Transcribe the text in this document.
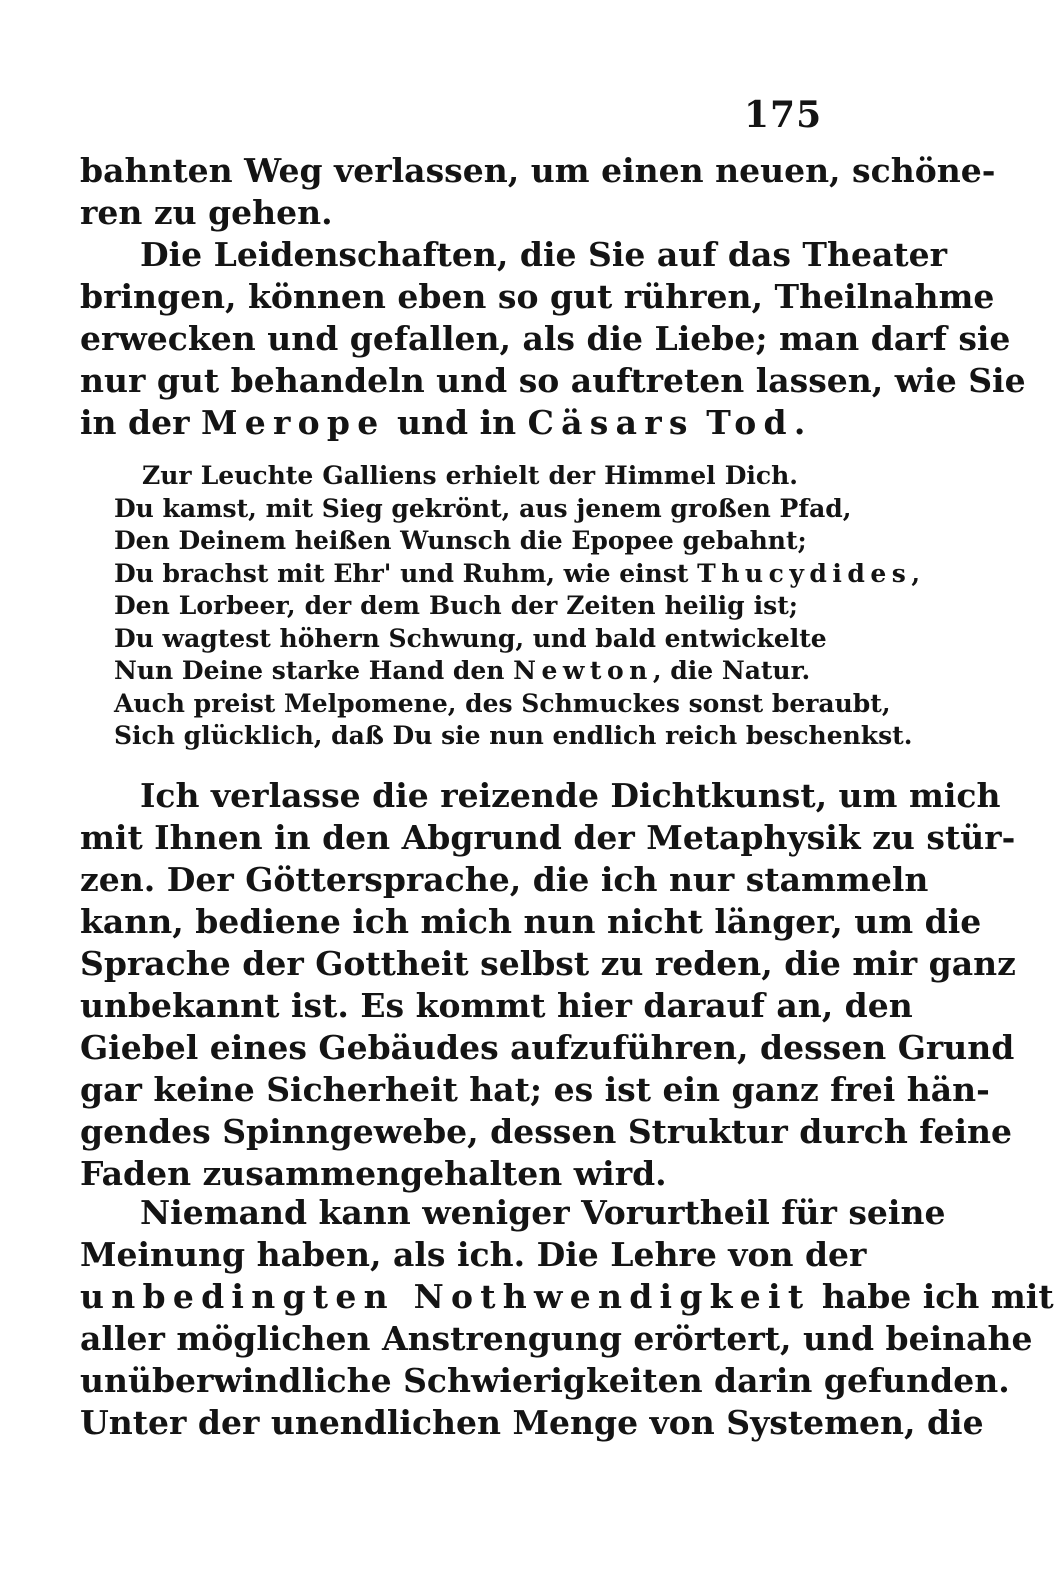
175
bahnten Weg verlassen, um einen neuen, schöne-
ren zu gehen.
Die Leidenschaften, die Sie auf das Theater
bringen, können eben so gut rühren, Theilnahme
erwecken und gefallen, als die Liebe; man darf sie
nur gut behandeln und so auftreten lassen, wie Sie
in der Merope und in Cäsars Tod.
Zur Leuchte Galliens erhielt der Himmel Dich.
Du kamst, mit Sieg gekrönt, aus jenem großen Pfad,
Den Deinem heißen Wunsch die Epopee gebahnt;
Du brachst mit Ehr' und Ruhm, wie einst Thucydides,
Den Lorbeer, der dem Buch der Zeiten heilig ist;
Du wagtest höhern Schwung, und bald entwickelte
Nun Deine starke Hand den Newton, die Natur.
Auch preist Melpomene, des Schmuckes sonst beraubt,
Sich glücklich, daß Du sie nun endlich reich beschenkst.
Ich verlasse die reizende Dichtkunst, um mich
mit Ihnen in den Abgrund der Metaphysik zu stür-
zen. Der Göttersprache, die ich nur stammeln
kann, bediene ich mich nun nicht länger, um die
Sprache der Gottheit selbst zu reden, die mir ganz
unbekannt ist. Es kommt hier darauf an, den
Giebel eines Gebäudes aufzuführen, dessen Grund
gar keine Sicherheit hat; es ist ein ganz frei hän-
gendes Spinngewebe, dessen Struktur durch feine
Faden zusammengehalten wird.
Niemand kann weniger Vorurtheil für seine
Meinung haben, als ich. Die Lehre von der
unbedingten Nothwendigkeit habe ich mit
aller möglichen Anstrengung erörtert, und beinahe
unüberwindliche Schwierigkeiten darin gefunden.
Unter der unendlichen Menge von Systemen, die
